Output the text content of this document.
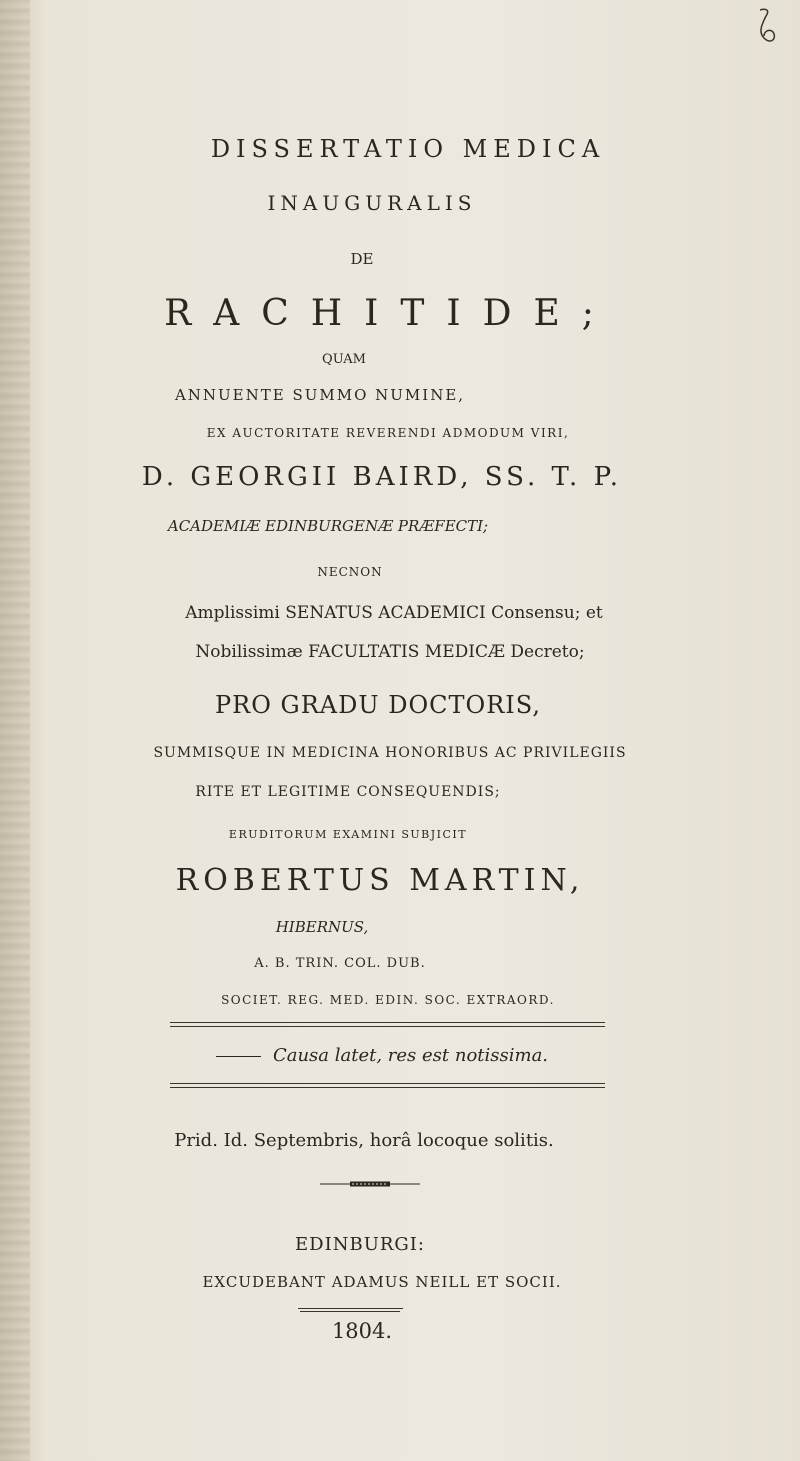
DISSERTATIO MEDICA
INAUGURALIS
DE
RACHITIDE;
QUAM
ANNUENTE SUMMO NUMINE,
EX AUCTORITATE REVERENDI ADMODUM VIRI,
D. GEORGII BAIRD, SS. T. P.
ACADEMIÆ EDINBURGENÆ PRÆFECTI;
NECNON
Amplissimi SENATUS ACADEMICI Consensu; et
Nobilissimæ FACULTATIS MEDICÆ Decreto;
PRO GRADU DOCTORIS,
SUMMISQUE IN MEDICINA HONORIBUS AC PRIVILEGIIS
RITE ET LEGITIME CONSEQUENDIS;
ERUDITORUM EXAMINI SUBJICIT
ROBERTUS MARTIN,
HIBERNUS,
A. B. TRIN. COL. DUB.
SOCIET. REG. MED. EDIN. SOC. EXTRAORD.
Causa latet, res est notissima.
Prid. Id. Septembris, horâ locoque solitis.
EDINBURGI:
EXCUDEBANT ADAMUS NEILL ET SOCII.
1804.
